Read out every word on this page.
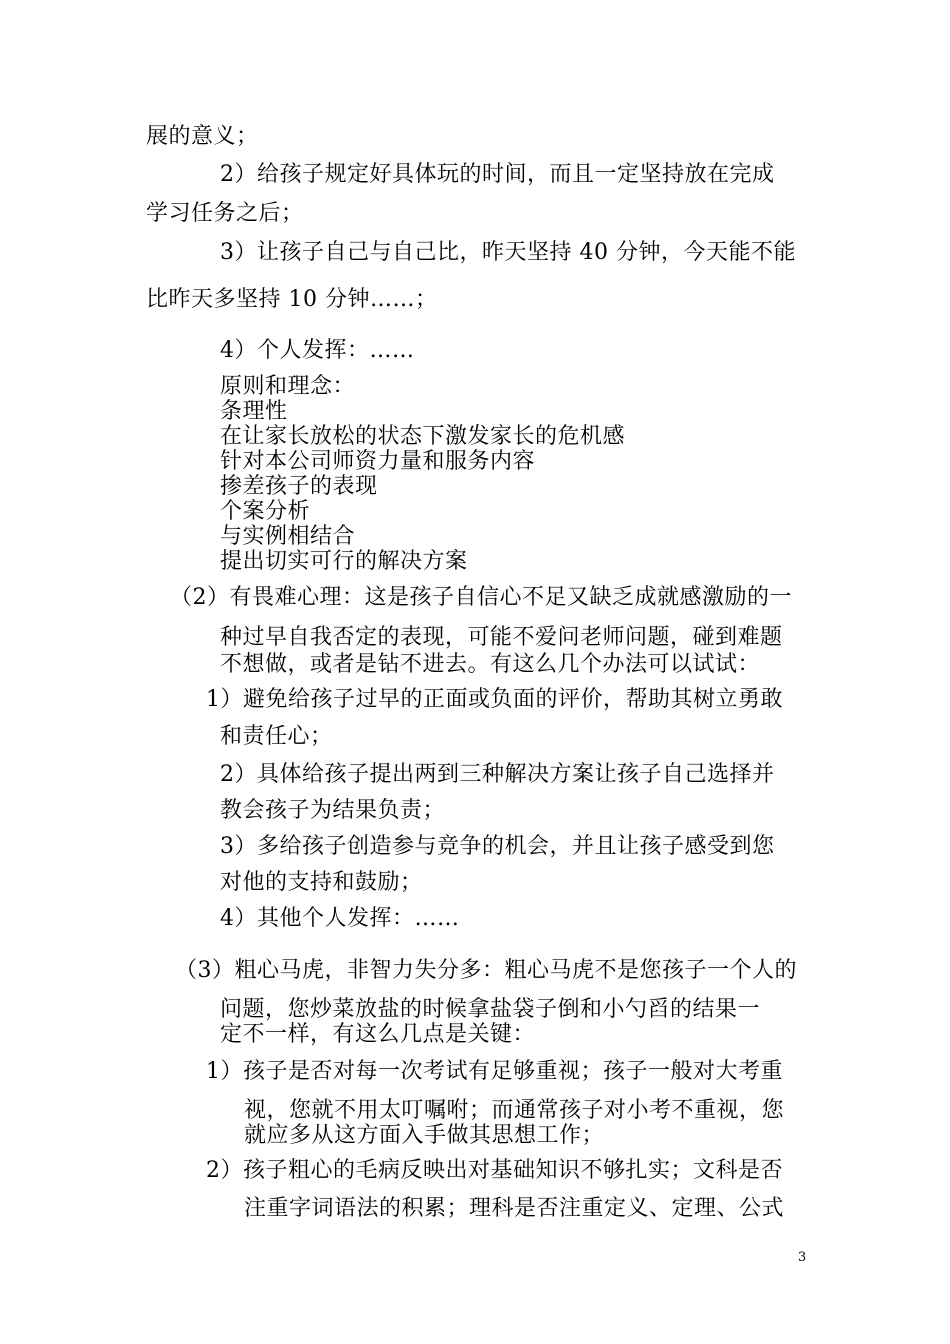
展的意义；
2）给孩子规定好具体玩的时间，而且一定坚持放在完成
学习任务之后；
3）让孩子自己与自己比，昨天坚持 40 分钟，今天能不能
比昨天多坚持 10 分钟……；
4）个人发挥：……
原则和理念：
条理性
在让家长放松的状态下激发家长的危机感
针对本公司师资力量和服务内容
掺差孩子的表现
个案分析
与实例相结合
提出切实可行的解决方案
（2）有畏难心理：这是孩子自信心不足又缺乏成就感激励的一
种过早自我否定的表现，可能不爱问老师问题，碰到难题
不想做，或者是钻不进去。有这么几个办法可以试试：
1）避免给孩子过早的正面或负面的评价，帮助其树立勇敢
和责任心；
2）具体给孩子提出两到三种解决方案让孩子自己选择并
教会孩子为结果负责；
3）多给孩子创造参与竞争的机会，并且让孩子感受到您
对他的支持和鼓励；
4）其他个人发挥：……
（3）粗心马虎，非智力失分多：粗心马虎不是您孩子一个人的
问题，您炒菜放盐的时候拿盐袋子倒和小勺舀的结果一
定不一样，有这么几点是关键：
1）孩子是否对每一次考试有足够重视；孩子一般对大考重
视，您就不用太叮嘱咐；而通常孩子对小考不重视，您
就应多从这方面入手做其思想工作；
2）孩子粗心的毛病反映出对基础知识不够扎实；文科是否
注重字词语法的积累；理科是否注重定义、定理、公式
3
